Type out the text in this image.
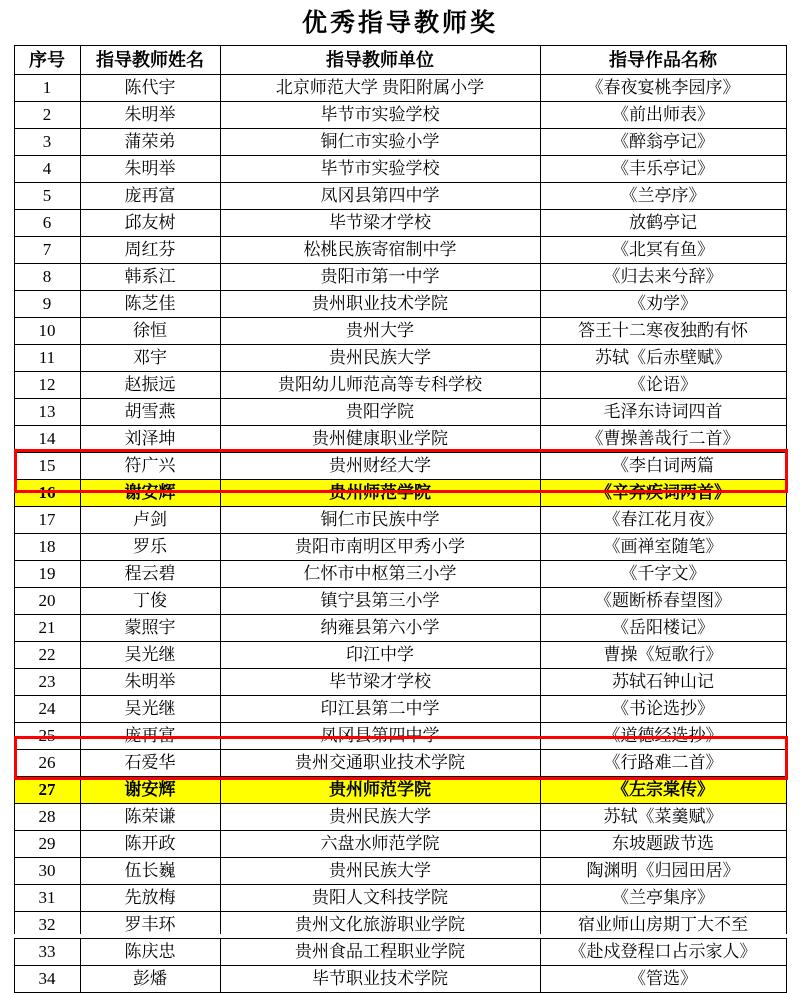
优秀指导教师奖
序号	指导教师姓名	指导教师单位	指导作品名称
1	陈代宇	北京师范大学 贵阳附属小学	《春夜宴桃李园序》
2	朱明举	毕节市实验学校	《前出师表》
3	蒲荣弟	铜仁市实验小学	《醉翁亭记》
4	朱明举	毕节市实验学校	《丰乐亭记》
5	庞再富	凤冈县第四中学	《兰亭序》
6	邱友树	毕节梁才学校	放鹤亭记
7	周红芬	松桃民族寄宿制中学	《北冥有鱼》
8	韩系江	贵阳市第一中学	《归去来兮辞》
9	陈芝佳	贵州职业技术学院	《劝学》
10	徐恒	贵州大学	答王十二寒夜独酌有怀
11	邓宇	贵州民族大学	苏轼《后赤壁赋》
12	赵振远	贵阳幼儿师范高等专科学校	《论语》
13	胡雪燕	贵阳学院	毛泽东诗词四首
14	刘泽坤	贵州健康职业学院	《曹操善哉行二首》
15	符广兴	贵州财经大学	《李白词两篇
16	谢安辉	贵州师范学院	《辛弃疾词两首》
17	卢剑	铜仁市民族中学	《春江花月夜》
18	罗乐	贵阳市南明区甲秀小学	《画禅室随笔》
19	程云碧	仁怀市中枢第三小学	《千字文》
20	丁俊	镇宁县第三小学	《题断桥春望图》
21	蒙照宇	纳雍县第六小学	《岳阳楼记》
22	吴光继	印江中学	曹操《短歌行》
23	朱明举	毕节梁才学校	苏轼石钟山记
24	吴光继	印江县第二中学	《书论选抄》
25	庞再富	凤冈县第四中学	《道德经选抄》
26	石爱华	贵州交通职业技术学院	《行路难二首》
27	谢安辉	贵州师范学院	《左宗棠传》
28	陈荣谦	贵州民族大学	苏轼《菜羹赋》
29	陈开政	六盘水师范学院	东坡题跋节选
30	伍长巍	贵州民族大学	陶渊明《归园田居》
31	先放梅	贵阳人文科技学院	《兰亭集序》
32	罗丰环	贵州文化旅游职业学院	宿业师山房期丁大不至
33	陈庆忠	贵州食品工程职业学院	《赴戍登程口占示家人》
34	彭燔	毕节职业技术学院	《管选》
